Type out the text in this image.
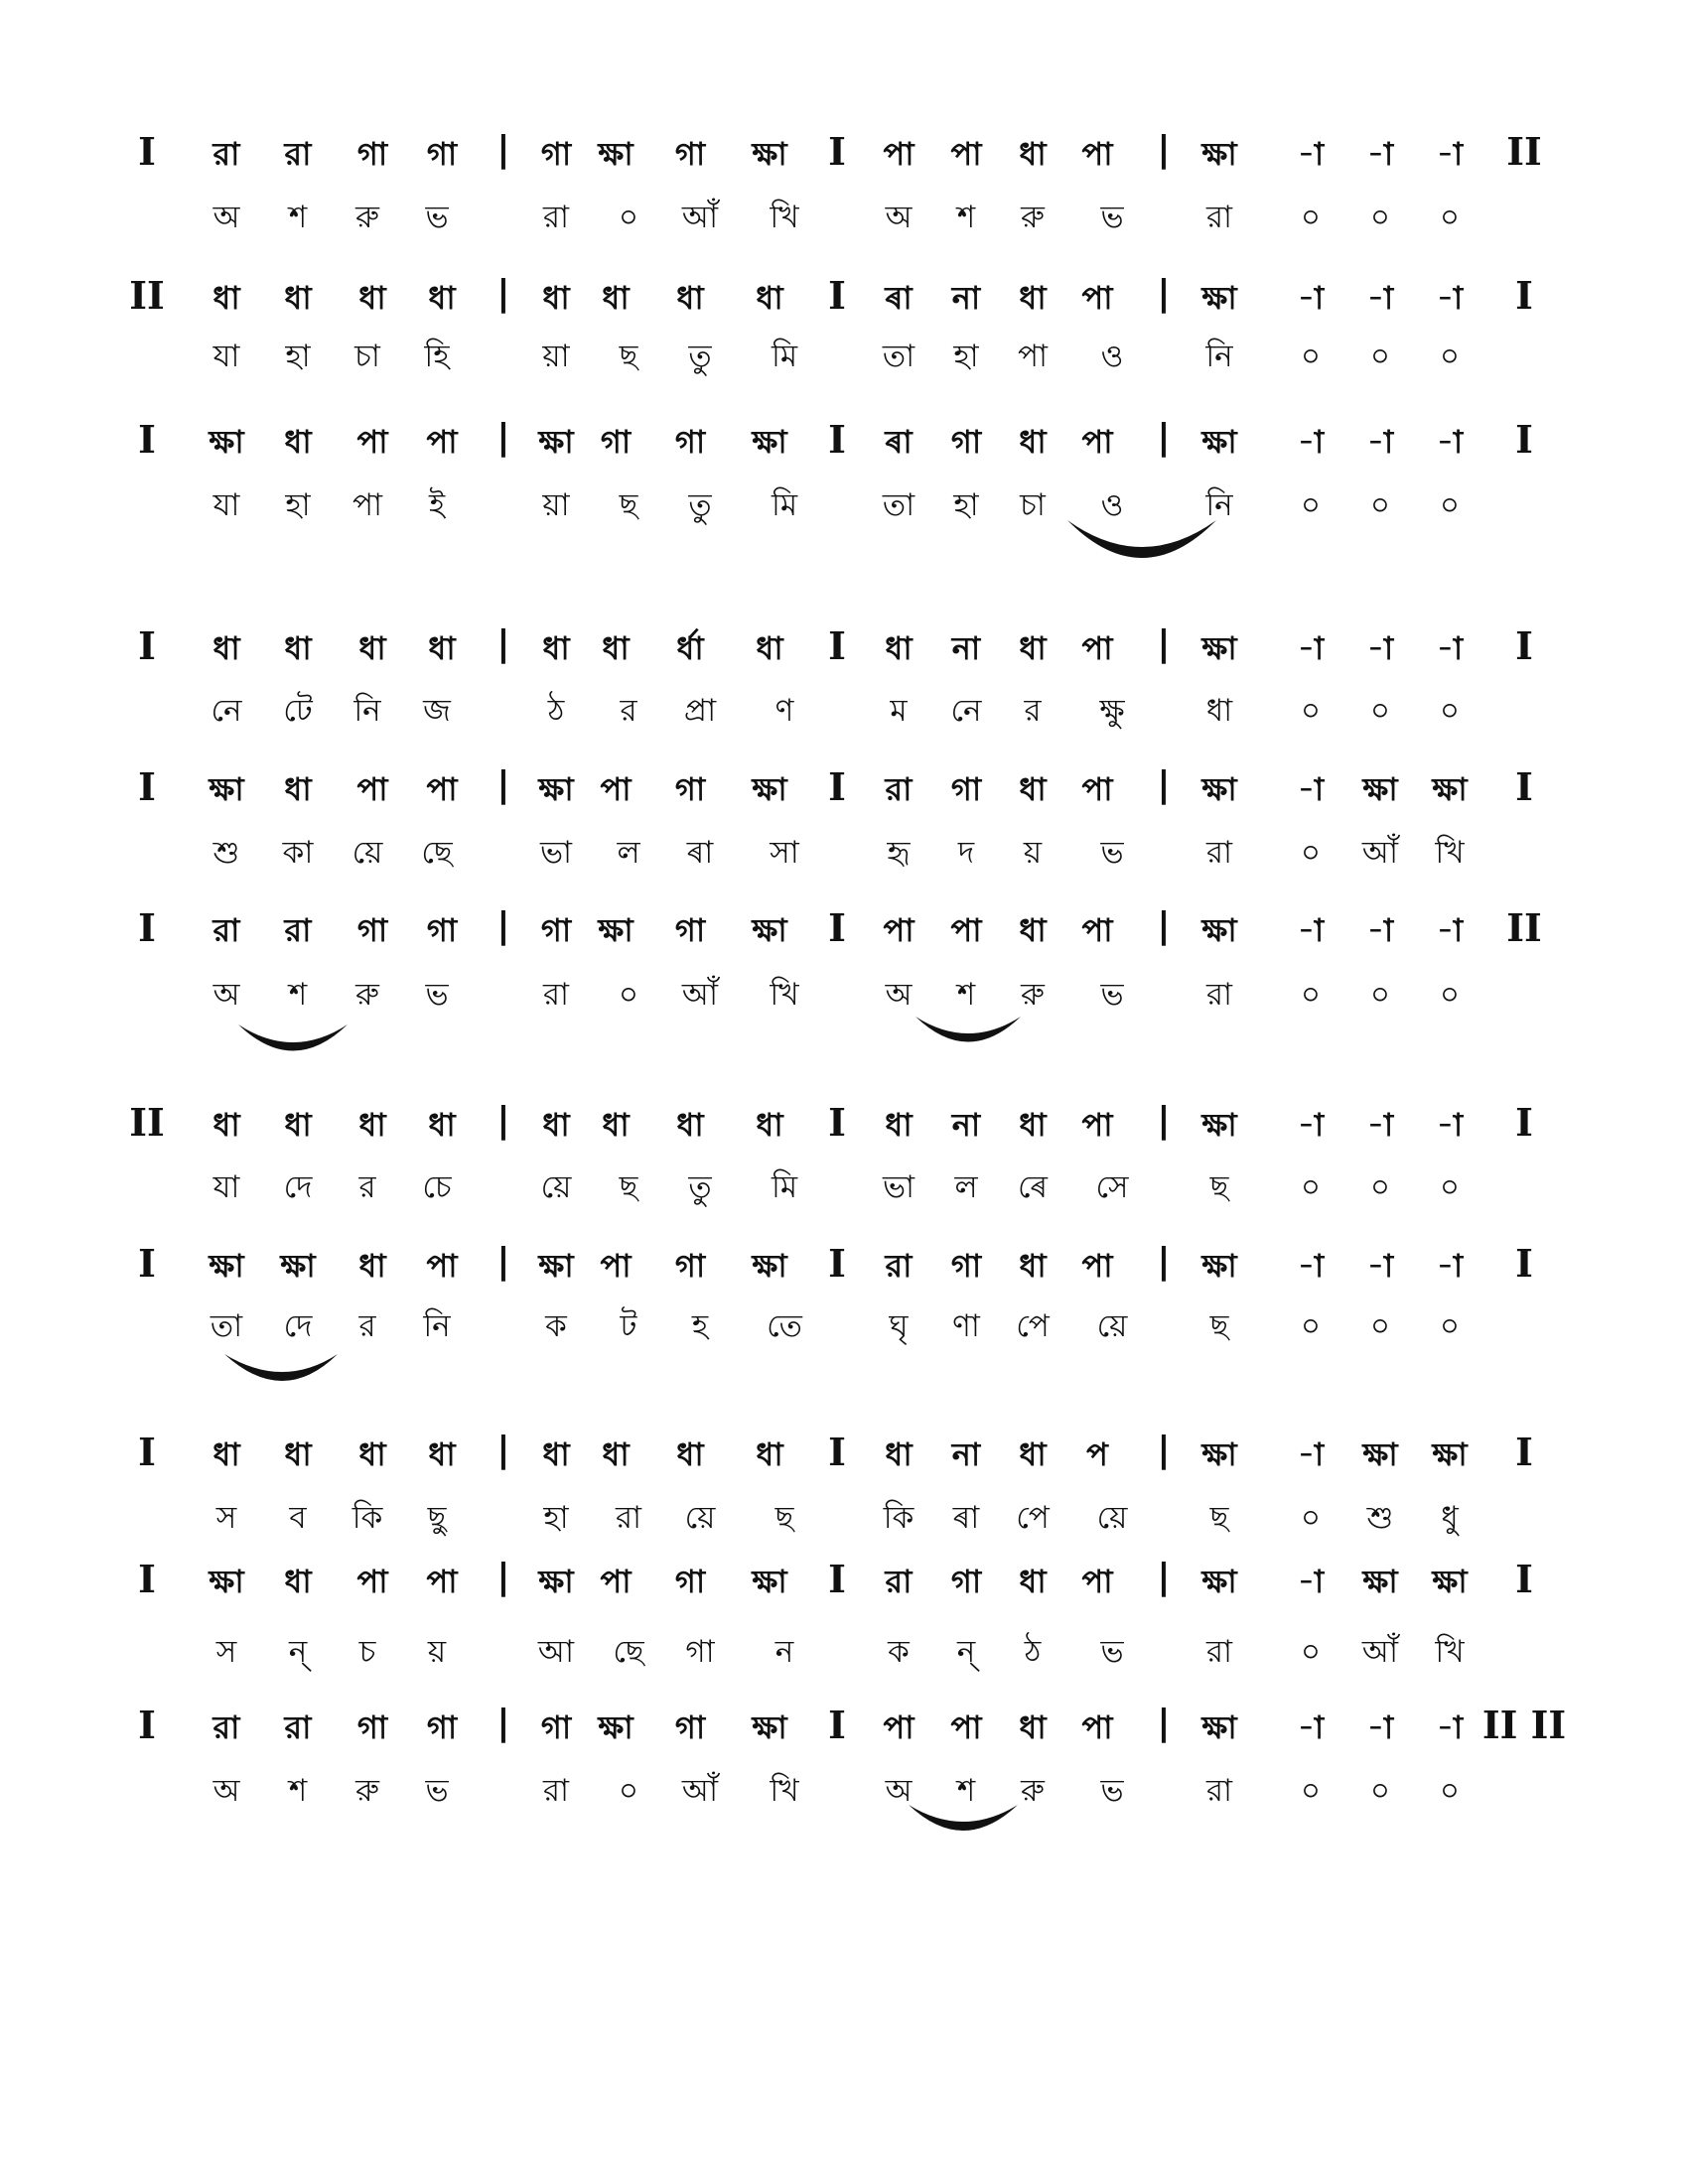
I রা রা গা গা | গা ক্ষা গা ক্ষা I পা পা ধা পা | ক্ষা -া -া -া II
অ শ রু ভ	রা ০ আঁ খি	অ শ রু ভ	রা ০ ০ ০
II ধা ধা ধা ধা | ধা ধা ধা ধা I ৰা না ধা পা | ক্ষা -া -া -া I
যা হা চা হি	য়া ছ তু মি	তা হা পা ও	নি ০ ০ ০
I ক্ষা ধা পা পা | ক্ষা গা গা ক্ষা I ৰা গা ধা পা | ক্ষা -া -া -া I
যা হা পা ই	য়া ছ তু মি	তা হা চা ও	নি ০ ০ ০
I ধা ধা ধা ধা | ধা ধা ৰ্ধা ধা I ধা না ধা পা | ক্ষা -া -া -া I
নে টে নি জ	ঠ র প্রা ণ	ম নে র ক্ষু	ধা ০ ০ ০
I ক্ষা ধা পা পা | ক্ষা পা গা ক্ষা I রা গা ধা পা | ক্ষা -া ক্ষা ক্ষা I
শু কা য়ে ছে	ভা ল ৰা সা	হৃ দ য় ভ	রা ০ আঁ খি
I রা রা গা গা | গা ক্ষা গা ক্ষা I পা পা ধা পা | ক্ষা -া -া -া II
অ শ রু ভ	রা ০ আঁ খি	অ শ রু ভ	রা ০ ০ ০
II ধা ধা ধা ধা | ধা ধা ধা ধা I ধা না ধা পা | ক্ষা -া -া -া I
যা দে র চে	য়ে ছ তু মি	ভা ল ৰে সে	ছ ০ ০ ০
I ক্ষা ক্ষা ধা পা | ক্ষা পা গা ক্ষা I রা গা ধা পা | ক্ষা -া -া -া I
তা দে র নি	ক ট হ তে	ঘৃ ণা পে য়ে	ছ ০ ০ ০
I ধা ধা ধা ধা | ধা ধা ধা ধা I ধা না ধা প | ক্ষা -া ক্ষা ক্ষা I
স ব কি ছু	হা রা য়ে ছ	কি ৰা পে য়ে	ছ ০ শু ধু
I ক্ষা ধা পা পা | ক্ষা পা গা ক্ষা I রা গা ধা পা | ক্ষা -া ক্ষা ক্ষা I
স ন্ চ য়	আ ছে গা ন	ক ন্ ঠ ভ	রা ০ আঁ খি
I রা রা গা গা | গা ক্ষা গা ক্ষা I পা পা ধা পা | ক্ষা -া -া -া II II
অ শ রু ভ	রা ০ আঁ খি	অ শ রু ভ	রা ০ ০ ০
